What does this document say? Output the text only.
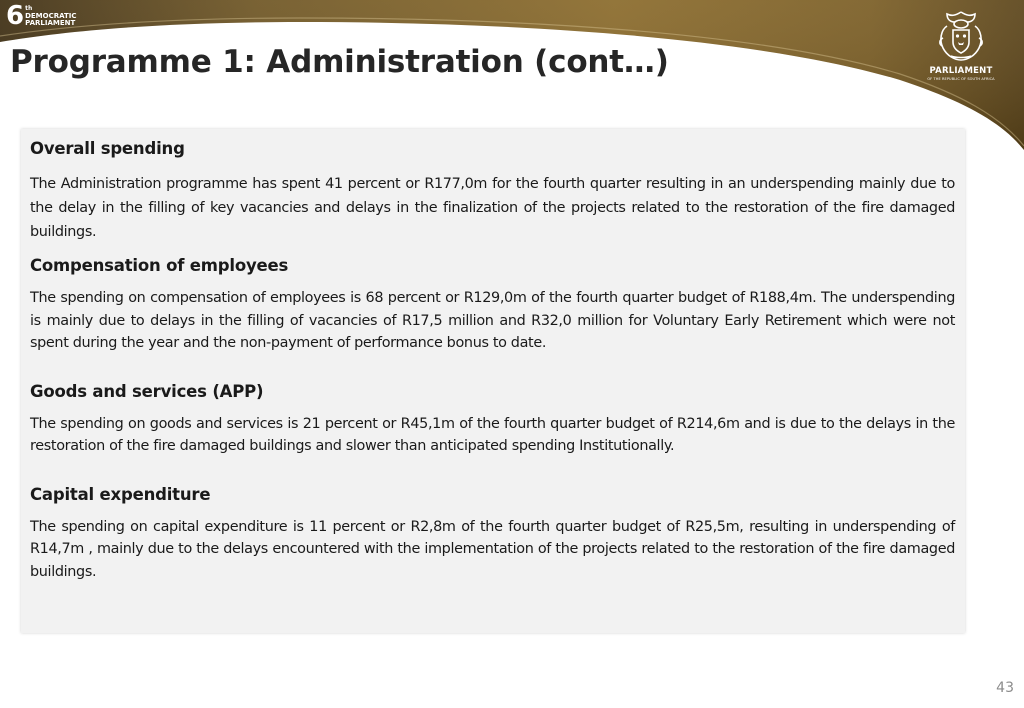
6 th
DEMOCRATIC
PARLIAMENT
Programme 1: Administration (cont…)	PARLIAMENT
OF THE REPUBLIC OF SOUTH AFRICA
Overall spending

The Administration programme has spent 41 percent or R177,0m for the fourth quarter resulting in an underspending mainly due to the delay in the filling of key vacancies and delays in the finalization of the projects related to the restoration of the fire damaged buildings.

Compensation of employees

The spending on compensation of employees is 68 percent or R129,0m of the fourth quarter budget of R188,4m. The underspending is mainly due to delays in the filling of vacancies of R17,5 million and R32,0 million for Voluntary Early Retirement which were not spent during the year and the non-payment of performance bonus to date.

Goods and services (APP)

The spending on goods and services is 21 percent or R45,1m of the fourth quarter budget of R214,6m and is due to the delays in the restoration of the fire damaged buildings and slower than anticipated spending Institutionally.

Capital expenditure

The spending on capital expenditure is 11 percent or R2,8m of the fourth quarter budget of R25,5m, resulting in underspending of R14,7m , mainly due to the delays encountered with the implementation of the projects related to the restoration of the fire damaged buildings.

43
